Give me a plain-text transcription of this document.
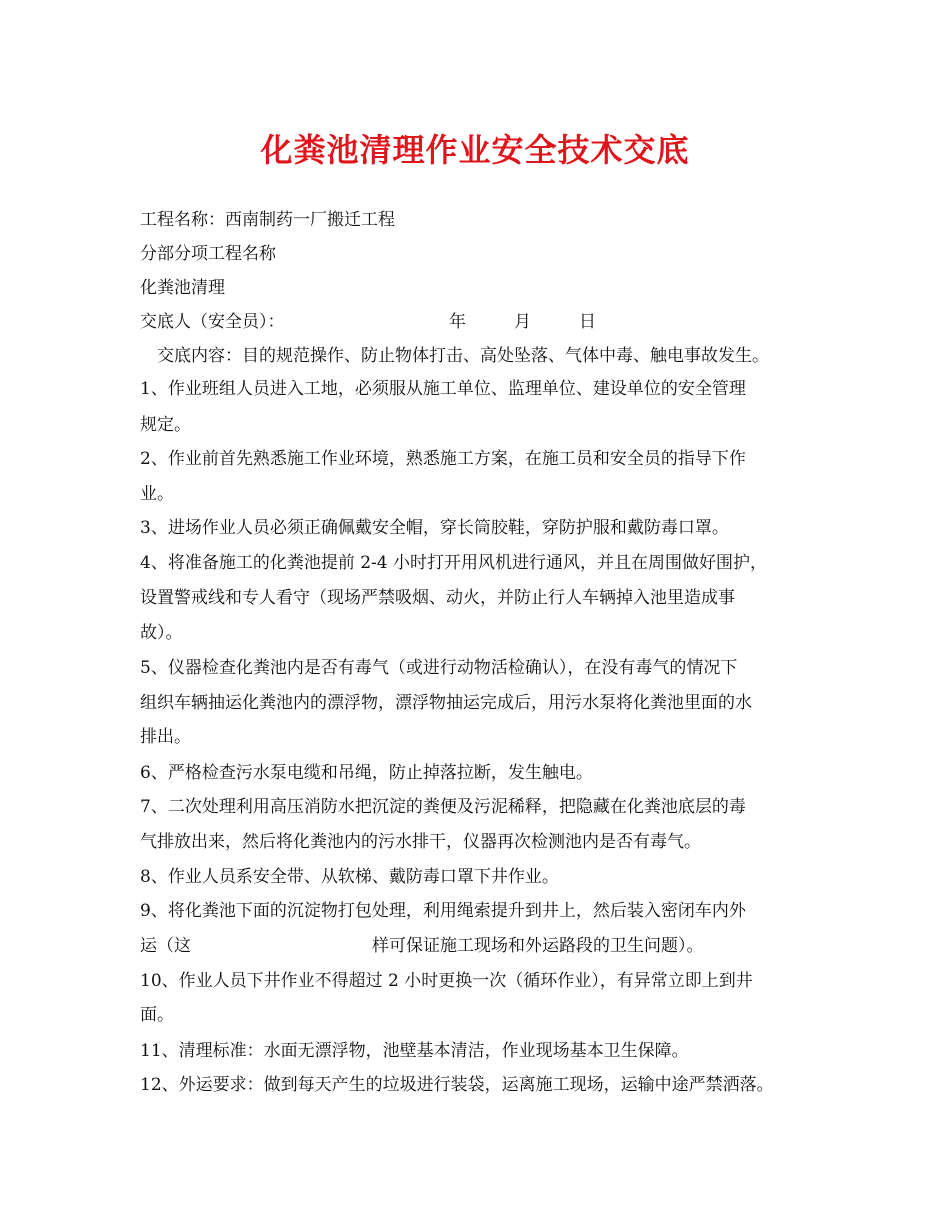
化粪池清理作业安全技术交底
工程名称：西南制药一厂搬迁工程
分部分项工程名称
化粪池清理
交底人（安全员）：	年	月	日
交底内容：目的规范操作、防止物体打击、高处坠落、气体中毒、触电事故发生。
1、作业班组人员进入工地，必须服从施工单位、监理单位、建设单位的安全管理
规定。
2、作业前首先熟悉施工作业环境，熟悉施工方案，在施工员和安全员的指导下作
业。
3、进场作业人员必须正确佩戴安全帽，穿长筒胶鞋，穿防护服和戴防毒口罩。
4、将准备施工的化粪池提前 2-4 小时打开用风机进行通风，并且在周围做好围护，
设置警戒线和专人看守（现场严禁吸烟、动火，并防止行人车辆掉入池里造成事
故）。
5、仪器检查化粪池内是否有毒气（或进行动物活检确认），在没有毒气的情况下
组织车辆抽运化粪池内的漂浮物，漂浮物抽运完成后，用污水泵将化粪池里面的水
排出。
6、严格检查污水泵电缆和吊绳，防止掉落拉断，发生触电。
7、二次处理利用高压消防水把沉淀的粪便及污泥稀释，把隐藏在化粪池底层的毒
气排放出来，然后将化粪池内的污水排干，仪器再次检测池内是否有毒气。
8、作业人员系安全带、从软梯、戴防毒口罩下井作业。
9、将化粪池下面的沉淀物打包处理，利用绳索提升到井上，然后装入密闭车内外
运（这	样可保证施工现场和外运路段的卫生问题）。
10、作业人员下井作业不得超过 2 小时更换一次（循环作业），有异常立即上到井
面。
11、清理标准：水面无漂浮物，池壁基本清洁，作业现场基本卫生保障。
12、外运要求：做到每天产生的垃圾进行装袋，运离施工现场，运输中途严禁洒落。
